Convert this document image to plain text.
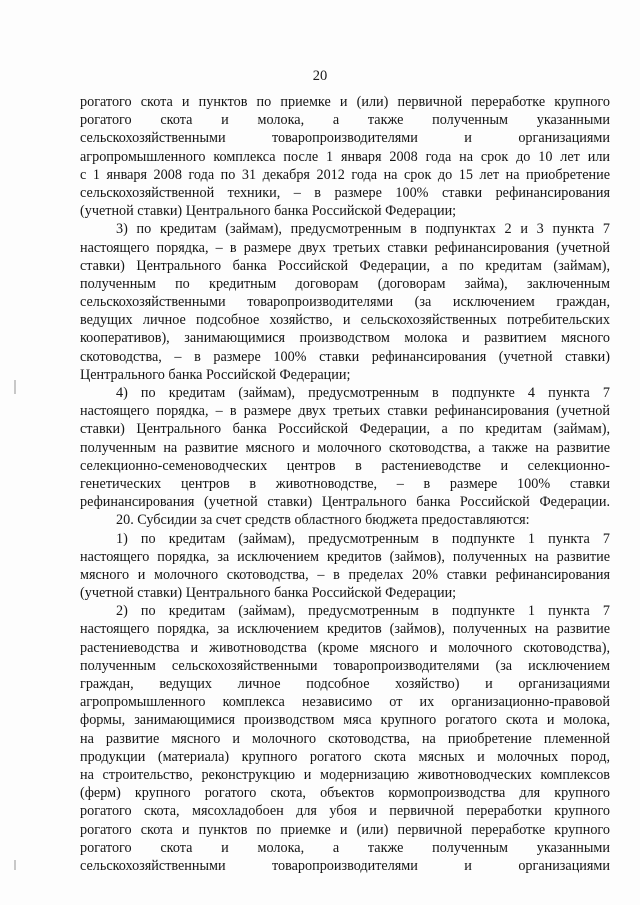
20
рогатого скота и пунктов по приемке и (или) первичной переработке крупного
рогатого скота и молока, а также полученным указанными
сельскохозяйственными товаропроизводителями и организациями
агропромышленного комплекса после 1 января 2008 года на срок до 10 лет или
с 1 января 2008 года по 31 декабря 2012 года на срок до 15 лет на приобретение
сельскохозяйственной техники, – в размере 100% ставки рефинансирования
(учетной ставки) Центрального банка Российской Федерации;
3) по кредитам (займам), предусмотренным в подпунктах 2 и 3 пункта 7
настоящего порядка, – в размере двух третьих ставки рефинансирования (учетной
ставки) Центрального банка Российской Федерации, а по кредитам (займам),
полученным по кредитным договорам (договорам займа), заключенным
сельскохозяйственными товаропроизводителями (за исключением граждан,
ведущих личное подсобное хозяйство, и сельскохозяйственных потребительских
кооперативов), занимающимися производством молока и развитием мясного
скотоводства, – в размере 100% ставки рефинансирования (учетной ставки)
Центрального банка Российской Федерации;
4) по кредитам (займам), предусмотренным в подпункте 4 пункта 7
настоящего порядка, – в размере двух третьих ставки рефинансирования (учетной
ставки) Центрального банка Российской Федерации, а по кредитам (займам),
полученным на развитие мясного и молочного скотоводства, а также на развитие
селекционно-семеноводческих центров в растениеводстве и селекционно-
генетических центров в животноводстве, – в размере 100% ставки
рефинансирования (учетной ставки) Центрального банка Российской Федерации.
20. Субсидии за счет средств областного бюджета предоставляются:
1) по кредитам (займам), предусмотренным в подпункте 1 пункта 7
настоящего порядка, за исключением кредитов (займов), полученных на развитие
мясного и молочного скотоводства, – в пределах 20% ставки рефинансирования
(учетной ставки) Центрального банка Российской Федерации;
2) по кредитам (займам), предусмотренным в подпункте 1 пункта 7
настоящего порядка, за исключением кредитов (займов), полученных на развитие
растениеводства и животноводства (кроме мясного и молочного скотоводства),
полученным сельскохозяйственными товаропроизводителями (за исключением
граждан, ведущих личное подсобное хозяйство) и организациями
агропромышленного комплекса независимо от их организационно-правовой
формы, занимающимися производством мяса крупного рогатого скота и молока,
на развитие мясного и молочного скотоводства, на приобретение племенной
продукции (материала) крупного рогатого скота мясных и молочных пород,
на строительство, реконструкцию и модернизацию животноводческих комплексов
(ферм) крупного рогатого скота, объектов кормопроизводства для крупного
рогатого скота, мясохладобоен для убоя и первичной переработки крупного
рогатого скота и пунктов по приемке и (или) первичной переработке крупного
рогатого скота и молока, а также полученным указанными
сельскохозяйственными товаропроизводителями и организациями
